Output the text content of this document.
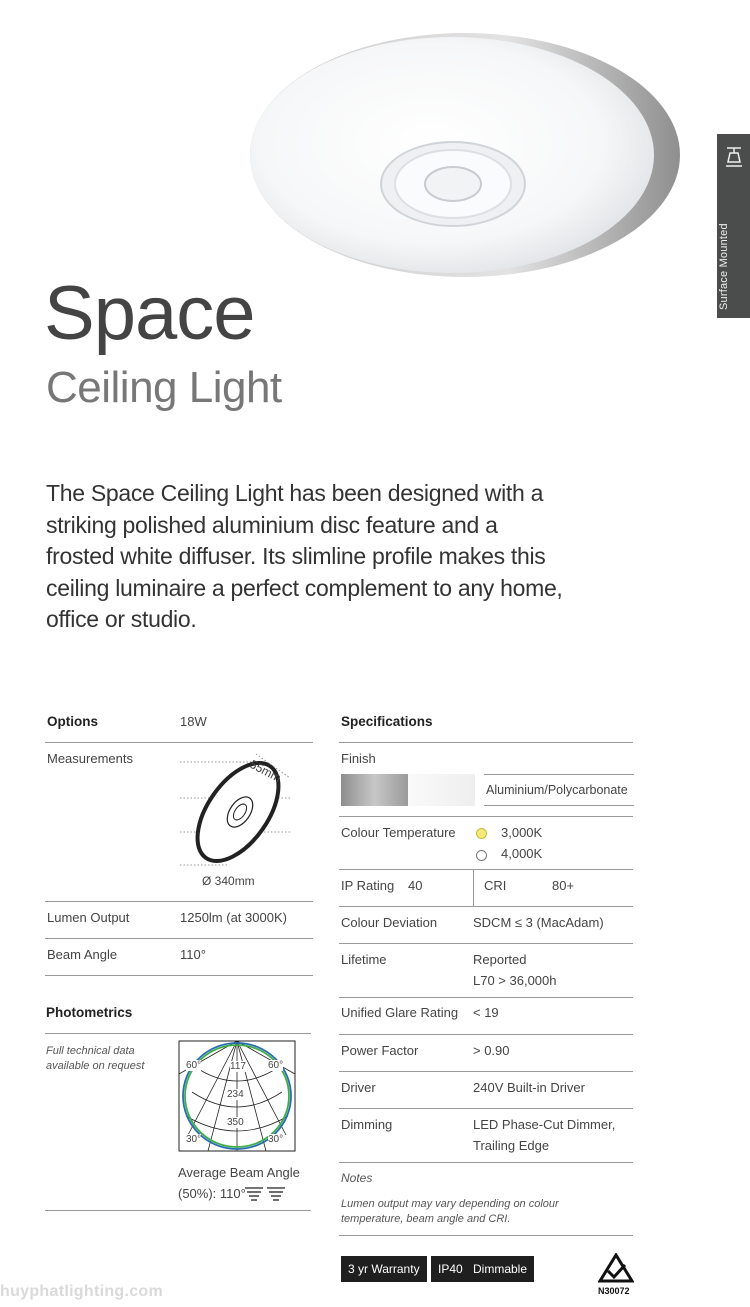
Surface Mounted
Space
Ceiling Light
The Space Ceiling Light has been designed with a striking polished aluminium disc feature and a frosted white diffuser. Its slimline profile makes this ceiling luminaire a perfect complement to any home, office or studio.
Options	18W
Measurements	55mm
Ø 340mm
Lumen Output	1250lm (at 3000K)
Beam Angle	110°
Photometrics
Full technical data available on request	60°	60°
30°	30°
117
234
350
Average Beam Angle
(50%): 110°
Specifications
Finish
Aluminium/Polycarbonate
Colour Temperature	3,000K
4,000K
IP Rating 40	CRI	80+
Colour Deviation	SDCM ≤ 3 (MacAdam)
Lifetime	Reported
L70 > 36,000h
Unified Glare Rating < 19
Power Factor	> 0.90
Driver	240V Built-in Driver
Dimming	LED Phase-Cut Dimmer,
Trailing Edge
Notes
Lumen output may vary depending on colour temperature, beam angle and CRI.
3 yr Warranty	IP40 Dimmable
N30072
huyphatlighting.com
